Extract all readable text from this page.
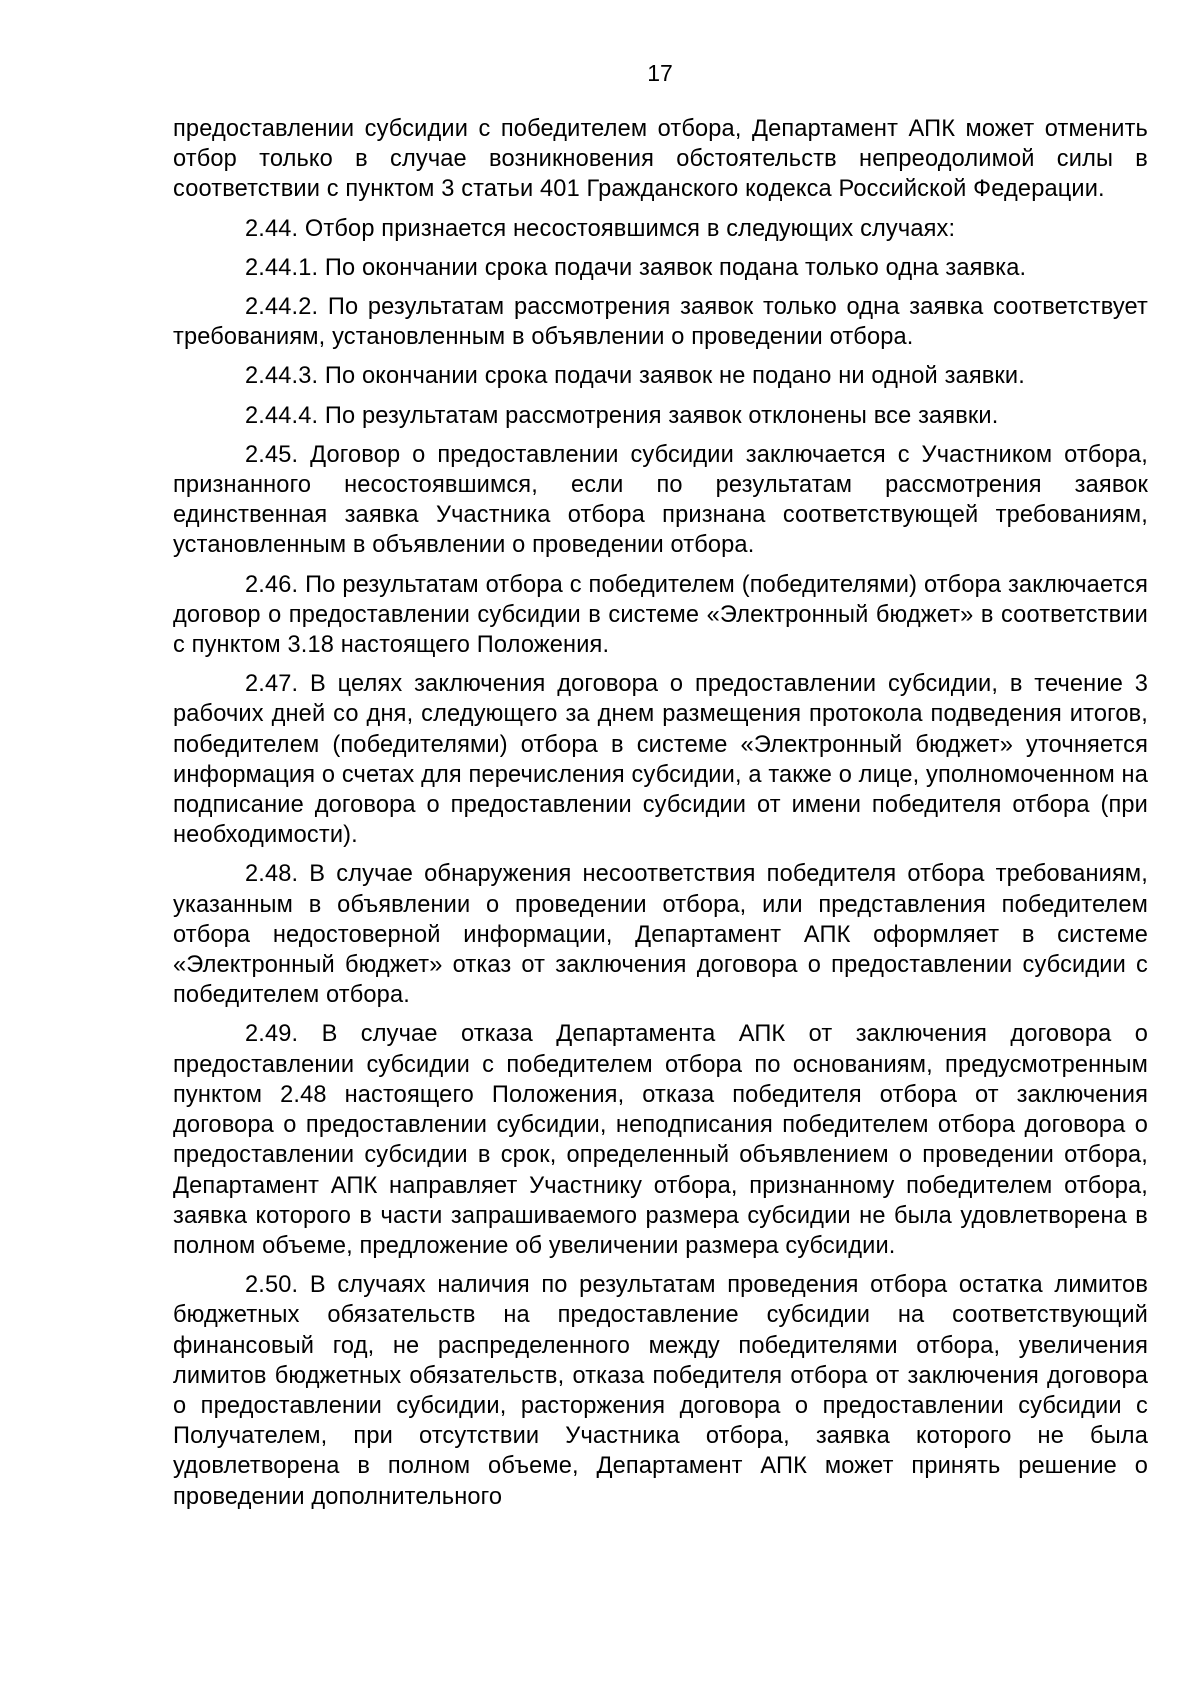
17

предоставлении субсидии с победителем отбора, Департамент АПК может отменить отбор только в случае возникновения обстоятельств непреодолимой силы в соответствии с пунктом 3 статьи 401 Гражданского кодекса Российской Федерации.

2.44. Отбор признается несостоявшимся в следующих случаях:

2.44.1. По окончании срока подачи заявок подана только одна заявка.

2.44.2. По результатам рассмотрения заявок только одна заявка соответствует требованиям, установленным в объявлении о проведении отбора.

2.44.3. По окончании срока подачи заявок не подано ни одной заявки.

2.44.4. По результатам рассмотрения заявок отклонены все заявки.

2.45. Договор о предоставлении субсидии заключается с Участником отбора, признанного несостоявшимся, если по результатам рассмотрения заявок единственная заявка Участника отбора признана соответствующей требованиям, установленным в объявлении о проведении отбора.

2.46. По результатам отбора с победителем (победителями) отбора заключается договор о предоставлении субсидии в системе «Электронный бюджет» в соответствии с пунктом 3.18 настоящего Положения.

2.47. В целях заключения договора о предоставлении субсидии, в течение 3 рабочих дней со дня, следующего за днем размещения протокола подведения итогов, победителем (победителями) отбора в системе «Электронный бюджет» уточняется информация о счетах для перечисления субсидии, а также о лице, уполномоченном на подписание договора о предоставлении субсидии от имени победителя отбора (при необходимости).

2.48. В случае обнаружения несоответствия победителя отбора требованиям, указанным в объявлении о проведении отбора, или представления победителем отбора недостоверной информации, Департамент АПК оформляет в системе «Электронный бюджет» отказ от заключения договора о предоставлении субсидии с победителем отбора.

2.49. В случае отказа Департамента АПК от заключения договора о предоставлении субсидии с победителем отбора по основаниям, предусмотренным пунктом 2.48 настоящего Положения, отказа победителя отбора от заключения договора о предоставлении субсидии, неподписания победителем отбора договора о предоставлении субсидии в срок, определенный объявлением о проведении отбора, Департамент АПК направляет Участнику отбора, признанному победителем отбора, заявка которого в части запрашиваемого размера субсидии не была удовлетворена в полном объеме, предложение об увеличении размера субсидии.

2.50. В случаях наличия по результатам проведения отбора остатка лимитов бюджетных обязательств на предоставление субсидии на соответствующий финансовый год, не распределенного между победителями отбора, увеличения лимитов бюджетных обязательств, отказа победителя отбора от заключения договора о предоставлении субсидии, расторжения договора о предоставлении субсидии с Получателем, при отсутствии Участника отбора, заявка которого не была удовлетворена в полном объеме, Департамент АПК может принять решение о проведении дополнительного
